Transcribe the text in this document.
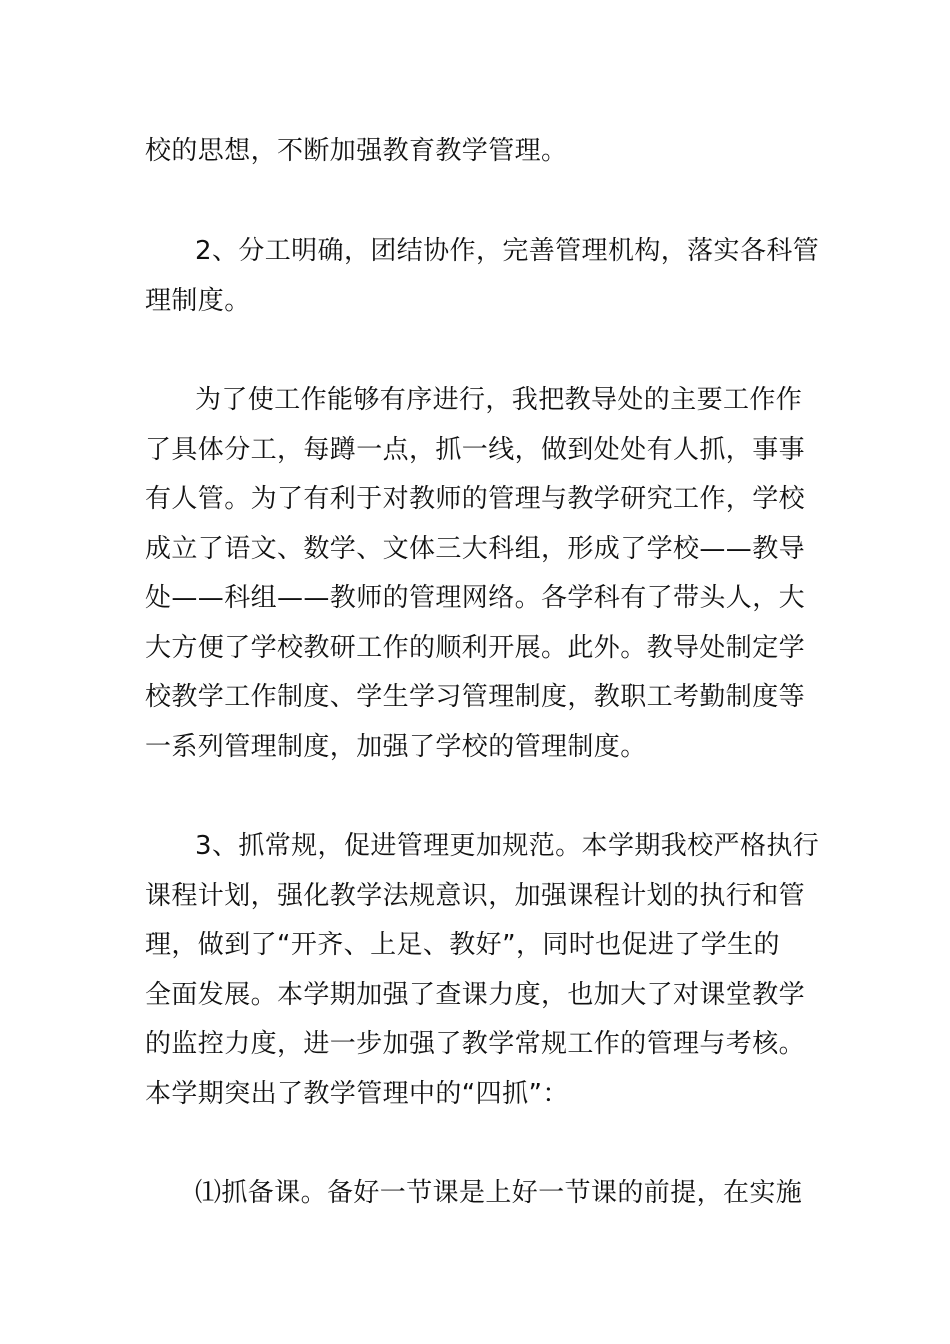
校的思想，不断加强教育教学管理。
2、分工明确，团结协作，完善管理机构，落实各科管
理制度。
为了使工作能够有序进行，我把教导处的主要工作作
了具体分工，每蹲一点，抓一线，做到处处有人抓，事事
有人管。为了有利于对教师的管理与教学研究工作，学校
成立了语文、数学、文体三大科组，形成了学校——教导
处——科组——教师的管理网络。各学科有了带头人，大
大方便了学校教研工作的顺利开展。此外。教导处制定学
校教学工作制度、学生学习管理制度，教职工考勤制度等
一系列管理制度，加强了学校的管理制度。
3、抓常规，促进管理更加规范。本学期我校严格执行
课程计划，强化教学法规意识，加强课程计划的执行和管
理，做到了“开齐、上足、教好”，同时也促进了学生的
全面发展。本学期加强了查课力度，也加大了对课堂教学
的监控力度，进一步加强了教学常规工作的管理与考核。
本学期突出了教学管理中的“四抓”：
⑴抓备课。备好一节课是上好一节课的前提，在实施
